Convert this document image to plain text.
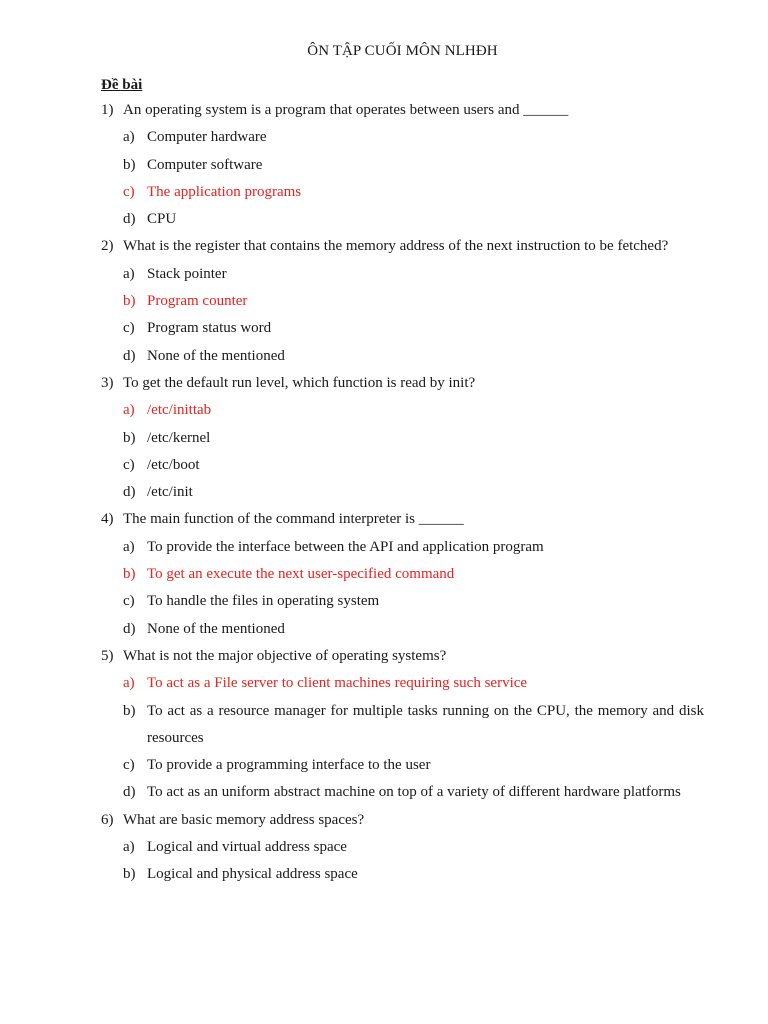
ÔN TẬP CUỐI MÔN NLHĐH
Đề bài
1) An operating system is a program that operates between users and ______
a) Computer hardware
b) Computer software
c) The application programs
d) CPU
2) What is the register that contains the memory address of the next instruction to be fetched?
a) Stack pointer
b) Program counter
c) Program status word
d) None of the mentioned
3) To get the default run level, which function is read by init?
a) /etc/inittab
b) /etc/kernel
c) /etc/boot
d) /etc/init
4) The main function of the command interpreter is ______
a) To provide the interface between the API and application program
b) To get an execute the next user-specified command
c) To handle the files in operating system
d) None of the mentioned
5) What is not the major objective of operating systems?
a) To act as a File server to client machines requiring such service
b) To act as a resource manager for multiple tasks running on the CPU, the memory and disk resources
c) To provide a programming interface to the user
d) To act as an uniform abstract machine on top of a variety of different hardware platforms
6) What are basic memory address spaces?
a) Logical and virtual address space
b) Logical and physical address space
